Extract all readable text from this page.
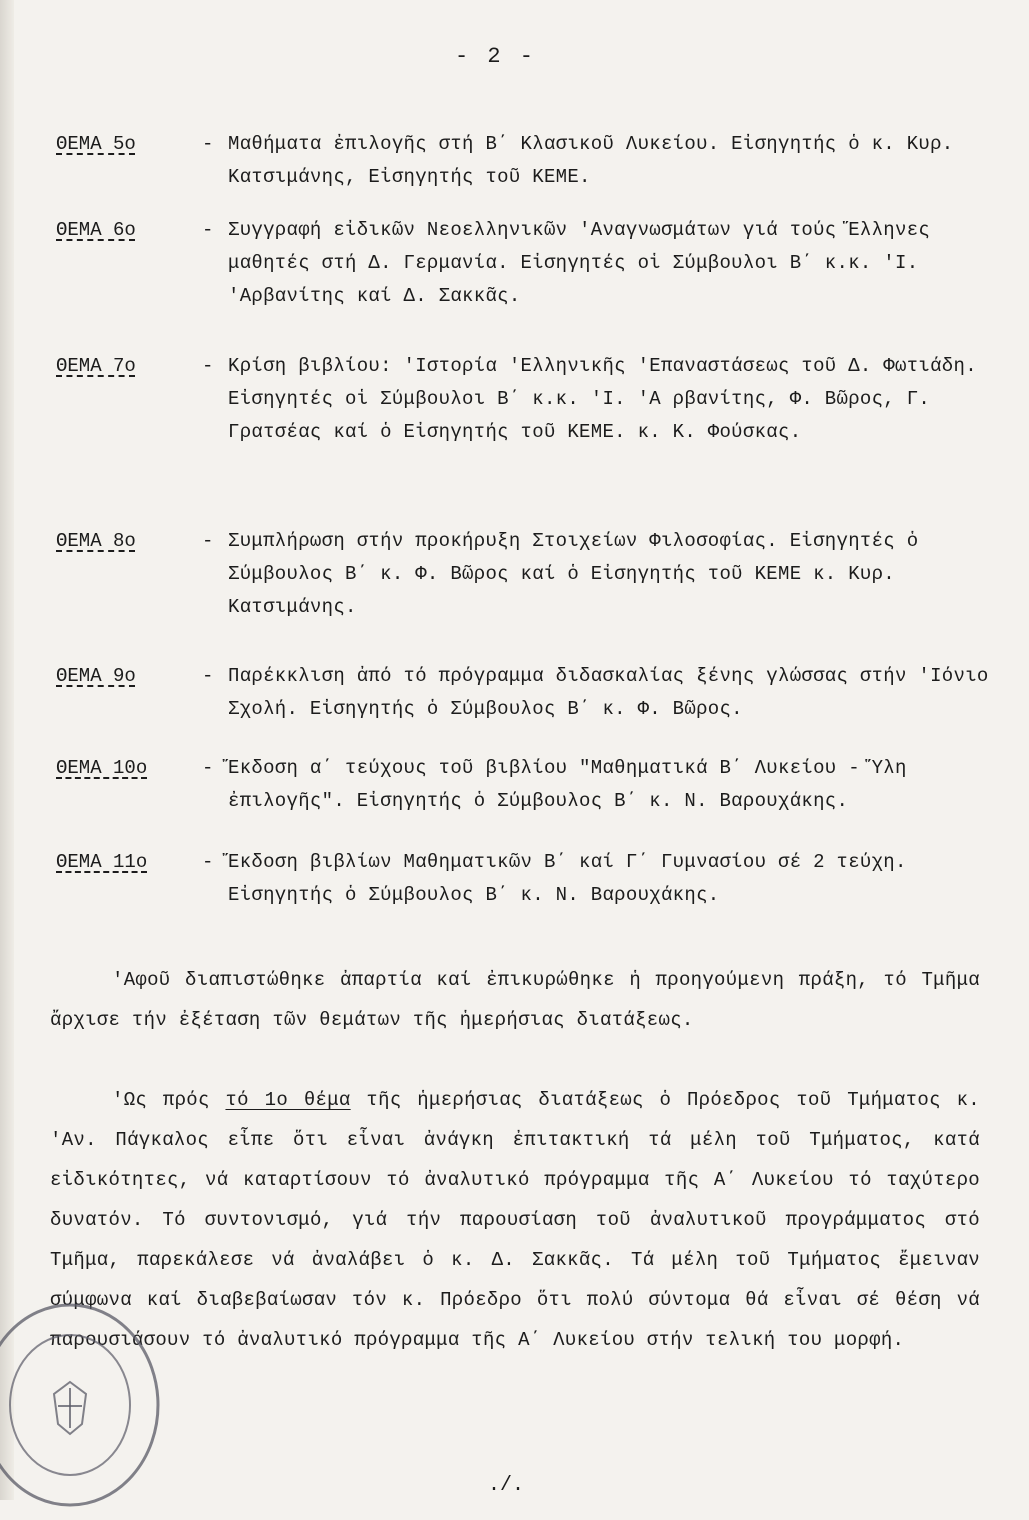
- 2 -
ΘΕΜΑ 5ο	- Μαθήματα ἐπιλογῆς στή Β΄ Κλασικοῦ Λυκείου. Εἰσηγητής ὁ κ. Κυρ. Κατσιμάνης, Εἰσηγητής τοῦ ΚΕΜΕ.
ΘΕΜΑ 6ο	- Συγγραφή εἰδικῶν Νεοελληνικῶν 'Αναγνωσμάτων γιά τούς Ἕλληνες μαθητές στή Δ. Γερμανία. Εἰσηγητές οἱ Σύμβουλοι Β΄ κ.κ. 'Ι. 'Αρβανίτης καί Δ. Σακκᾶς.
ΘΕΜΑ 7ο	- Κρίση βιβλίου: 'Ιστορία 'Ελληνικῆς 'Επαναστάσεως τοῦ Δ. Φωτιάδη. Εἰσηγητές οἱ Σύμβουλοι Β΄ κ.κ. 'Ι. 'Α ρβανίτης, Φ. Βῶρος, Γ. Γρατσέας καί ὁ Εἰσηγητής τοῦ ΚΕΜΕ. κ. Κ. Φούσκας.
ΘΕΜΑ 8ο	- Συμπλήρωση στήν προκήρυξη Στοιχείων Φιλοσοφίας. Εἰσηγητές ὁ Σύμβουλος Β΄ κ. Φ. Βῶρος καί ὁ Εἰσηγητής τοῦ ΚΕΜΕ κ. Κυρ. Κατσιμάνης.
ΘΕΜΑ 9ο	- Παρέκκλιση ἀπό τό πρόγραμμα διδασκαλίας ξένης γλώσσας στήν 'Ιόνιο Σχολή. Εἰσηγητής ὁ Σύμβουλος Β΄ κ. Φ. Βῶρος.
ΘΕΜΑ 10ο	- Ἔκδοση α΄ τεύχους τοῦ βιβλίου "Μαθηματικά Β΄ Λυκείου - Ὕλη ἐπιλογῆς". Εἰσηγητής ὁ Σύμβουλος Β΄ κ. Ν. Βαρουχάκης.
ΘΕΜΑ 11ο	- Ἔκδοση βιβλίων Μαθηματικῶν Β΄ καί Γ΄ Γυμνασίου σέ 2 τεύχη. Εἰσηγητής ὁ Σύμβουλος Β΄ κ. Ν. Βαρουχάκης.
'Αφοῦ διαπιστώθηκε ἀπαρτία καί ἐπικυρώθηκε ἡ προηγούμενη πράξη, τό Τμῆμα ἄρχισε τήν ἐξέταση τῶν θεμάτων τῆς ἡμερήσιας διατάξεως.
'Ως πρός τό 1ο θέμα τῆς ἡμερήσιας διατάξεως ὁ Πρόεδρος τοῦ Τμήματος κ. 'Αν. Πάγκαλος εἶπε ὅτι εἶναι ἀνάγκη ἐπιτακτική τά μέλη τοῦ Τμήματος, κατά εἰδικότητες, νά καταρτίσουν τό ἀναλυτικό πρόγραμμα τῆς Α΄ Λυκείου τό ταχύτερο δυνατόν. Τό συντονισμό, γιά τήν παρουσίαση τοῦ ἀναλυτικοῦ προγράμματος στό Τμῆμα, παρεκάλεσε νά ἀναλάβει ὁ κ. Δ. Σακκᾶς. Τά μέλη τοῦ Τμήματος ἔμειναν σύμφωνα καί διαβεβαίωσαν τόν κ. Πρόεδρο ὅτι πολύ σύντομα θά εἶναι σέ θέση νά παρουσιάσουν τό ἀναλυτικό πρόγραμμα τῆς Α΄ Λυκείου στήν τελική του μορφή.
./.
